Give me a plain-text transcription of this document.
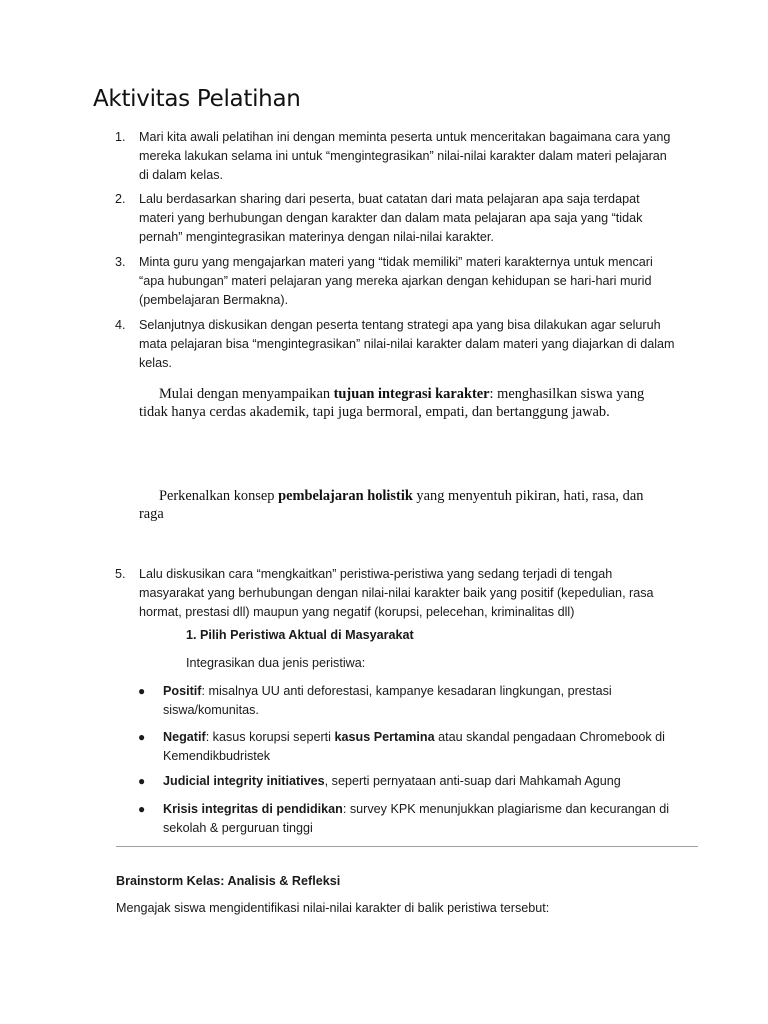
Aktivitas Pelatihan
1. Mari kita awali pelatihan ini dengan meminta peserta untuk menceritakan bagaimana cara yang mereka lakukan selama ini untuk “mengintegrasikan” nilai-nilai karakter dalam materi pelajaran di dalam kelas.
2. Lalu berdasarkan sharing dari peserta, buat catatan dari mata pelajaran apa saja terdapat materi yang berhubungan dengan karakter dan dalam mata pelajaran apa saja yang “tidak pernah” mengintegrasikan materinya dengan nilai-nilai karakter.
3. Minta guru yang mengajarkan materi yang “tidak memiliki” materi karakternya untuk mencari “apa hubungan” materi pelajaran yang mereka ajarkan dengan kehidupan se hari-hari murid (pembelajaran Bermakna).
4. Selanjutnya diskusikan dengan peserta tentang strategi apa yang bisa dilakukan agar seluruh mata pelajaran bisa “mengintegrasikan” nilai-nilai karakter dalam materi yang diajarkan di dalam kelas.
Mulai dengan menyampaikan tujuan integrasi karakter: menghasilkan siswa yang tidak hanya cerdas akademik, tapi juga bermoral, empati, dan bertanggung jawab.
Perkenalkan konsep pembelajaran holistik yang menyentuh pikiran, hati, rasa, dan raga
5. Lalu diskusikan cara “mengkaitkan” peristiwa-peristiwa yang sedang terjadi di tengah masyarakat yang berhubungan dengan nilai-nilai karakter baik yang positif (kepedulian, rasa hormat, prestasi dll) maupun yang negatif (korupsi, pelecehan, kriminalitas dll)
1. Pilih Peristiwa Aktual di Masyarakat
Integrasikan dua jenis peristiwa:
● Positif: misalnya UU anti deforestasi, kampanye kesadaran lingkungan, prestasi siswa/komunitas.
● Negatif: kasus korupsi seperti kasus Pertamina atau skandal pengadaan Chromebook di Kemendikbudristek
● Judicial integrity initiatives, seperti pernyataan anti-suap dari Mahkamah Agung
● Krisis integritas di pendidikan: survey KPK menunjukkan plagiarisme dan kecurangan di sekolah & perguruan tinggi
Brainstorm Kelas: Analisis & Refleksi
Mengajak siswa mengidentifikasi nilai-nilai karakter di balik peristiwa tersebut:
